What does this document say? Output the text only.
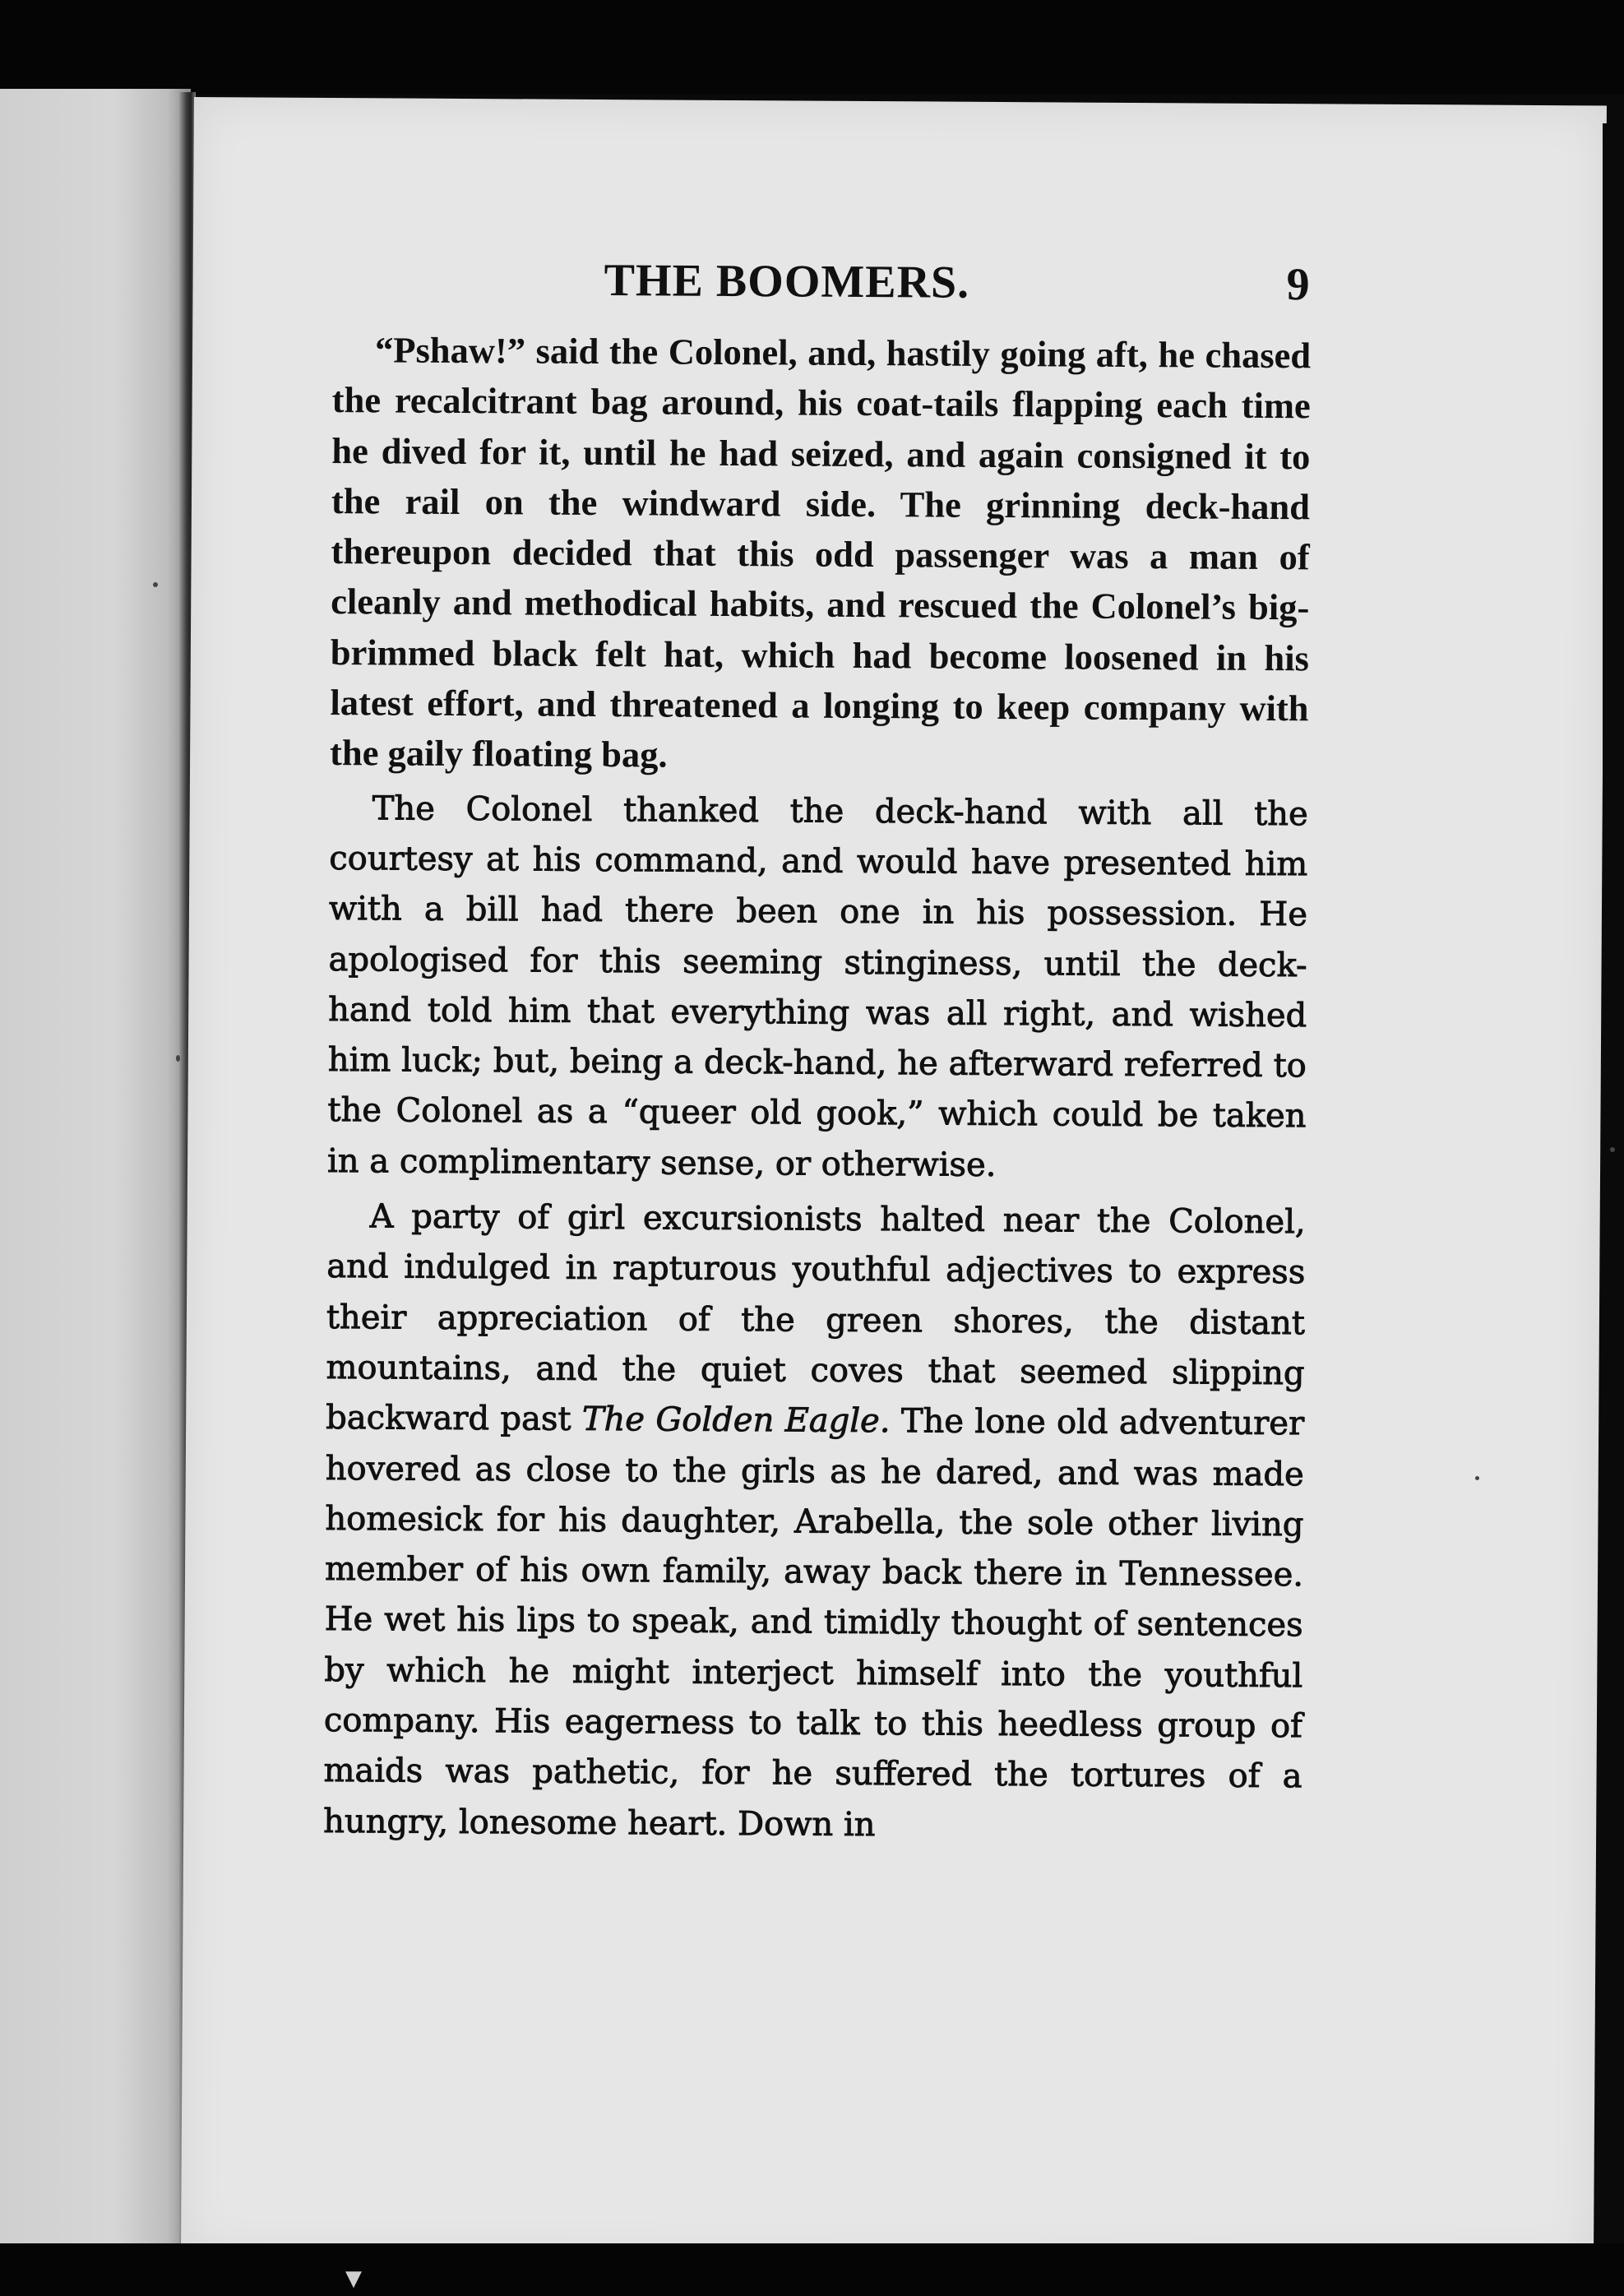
THE BOOMERS.	9

“Pshaw!” said the Colonel, and, hastily going aft, he chased the recalcitrant bag around, his coat-tails flapping each time he dived for it, until he had seized, and again consigned it to the rail on the windward side. The grinning deck-hand thereupon decided that this odd passenger was a man of cleanly and methodical habits, and rescued the Colonel’s big-brimmed black felt hat, which had become loosened in his latest effort, and threatened a longing to keep company with the gaily floating bag.

The Colonel thanked the deck-hand with all the courtesy at his command, and would have presented him with a bill had there been one in his possession. He apologised for this seeming stinginess, until the deck-hand told him that everything was all right, and wished him luck; but, being a deck-hand, he afterward referred to the Colonel as a “queer old gook,” which could be taken in a complimentary sense, or otherwise.

A party of girl excursionists halted near the Colonel, and indulged in rapturous youthful adjectives to express their appreciation of the green shores, the distant mountains, and the quiet coves that seemed slipping backward past The Golden Eagle. The lone old adventurer hovered as close to the girls as he dared, and was made homesick for his daughter, Arabella, the sole other living member of his own family, away back there in Tennessee. He wet his lips to speak, and timidly thought of sentences by which he might interject himself into the youthful company. His eagerness to talk to this heedless group of maids was pathetic, for he suffered the tortures of a hungry, lonesome heart. Down in

▼
